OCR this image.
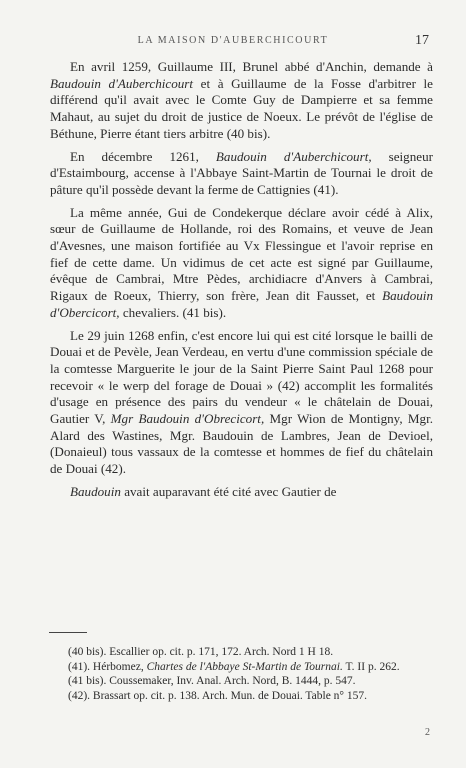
LA MAISON D'AUBERCHICOURT	17

En avril 1259, Guillaume III, Brunel abbé d'Anchin, demande à Baudouin d'Auberchicourt et à Guillaume de la Fosse d'arbitrer le différend qu'il avait avec le Comte Guy de Dampierre et sa femme Mahaut, au sujet du droit de justice de Noeux. Le prévôt de l'église de Béthune, Pierre étant tiers arbitre (40 bis).

En décembre 1261, Baudouin d'Auberchicourt, seigneur d'Estaimbourg, accense à l'Abbaye Saint-Martin de Tournai le droit de pâture qu'il possède devant la ferme de Cattignies (41).

La même année, Gui de Condekerque déclare avoir cédé à Alix, sœur de Guillaume de Hollande, roi des Romains, et veuve de Jean d'Avesnes, une maison fortifiée au Vx Flessingue et l'avoir reprise en fief de cette dame. Un vidimus de cet acte est signé par Guillaume, évêque de Cambrai, Mtre Pèdes, archidiacre d'Anvers à Cambrai, Rigaux de Roeux, Thierry, son frère, Jean dit Fausset, et Baudouin d'Obercicort, chevaliers. (41 bis).

Le 29 juin 1268 enfin, c'est encore lui qui est cité lorsque le bailli de Douai et de Pevèle, Jean Verdeau, en vertu d'une commission spéciale de la comtesse Marguerite le jour de la Saint Pierre Saint Paul 1268 pour recevoir « le werp del forage de Douai » (42) accomplit les formalités d'usage en présence des pairs du vendeur « le châtelain de Douai, Gautier V, Mgr Baudouin d'Obrecicort, Mgr Wion de Montigny, Mgr. Alard des Wastines, Mgr. Baudouin de Lambres, Jean de Devioel, (Donaieul) tous vassaux de la comtesse et hommes de fief du châtelain de Douai (42).

Baudouin avait auparavant été cité avec Gautier de

(40 bis). Escallier op. cit. p. 171, 172. Arch. Nord 1 H 18.

(41). Hérbomez, Chartes de l'Abbaye St-Martin de Tournai. T. II p. 262.

(41 bis). Coussemaker, Inv. Anal. Arch. Nord, B. 1444, p. 547.

(42). Brassart op. cit. p. 138. Arch. Mun. de Douai. Table n° 157.

2
